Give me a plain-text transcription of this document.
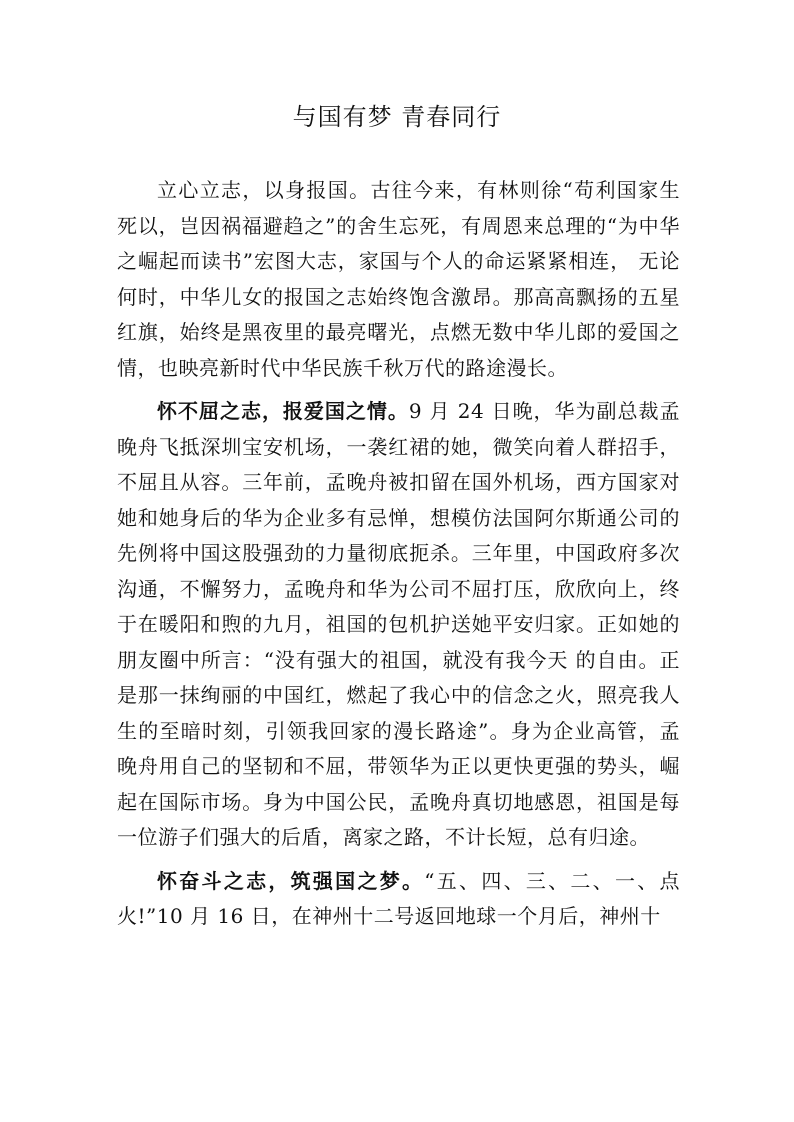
与国有梦 青春同行

立心立志，以身报国。古往今来，有林则徐“苟利国家生死以，岂因祸福避趋之”的舍生忘死，有周恩来总理的“为中华之崛起而读书”宏图大志，家国与个人的命运紧紧相连， 无论何时，中华儿女的报国之志始终饱含激昂。那高高飘扬的五星红旗，始终是黑夜里的最亮曙光，点燃无数中华儿郎的爱国之情，也映亮新时代中华民族千秋万代的路途漫长。

怀不屈之志，报爱国之情。9 月 24 日晚，华为副总裁孟晚舟飞抵深圳宝安机场，一袭红裙的她，微笑向着人群招手，不屈且从容。三年前，孟晚舟被扣留在国外机场，西方国家对她和她身后的华为企业多有忌惮，想模仿法国阿尔斯通公司的先例将中国这股强劲的力量彻底扼杀。三年里，中国政府多次沟通，不懈努力，孟晚舟和华为公司不屈打压，欣欣向上，终于在暖阳和煦的九月，祖国的包机护送她平安归家。正如她的朋友圈中所言：“没有强大的祖国，就没有我今天 的自由。正是那一抹绚丽的中国红，燃起了我心中的信念之火，照亮我人生的至暗时刻，引领我回家的漫长路途”。身为企业高管，孟晚舟用自己的坚韧和不屈，带领华为正以更快更强的势头，崛起在国际市场。身为中国公民，孟晚舟真切地感恩，祖国是每一位游子们强大的后盾，离家之路，不计长短，总有归途。

怀奋斗之志，筑强国之梦。“五、四、三、二、一、点火!”10 月 16 日，在神州十二号返回地球一个月后，神州十
